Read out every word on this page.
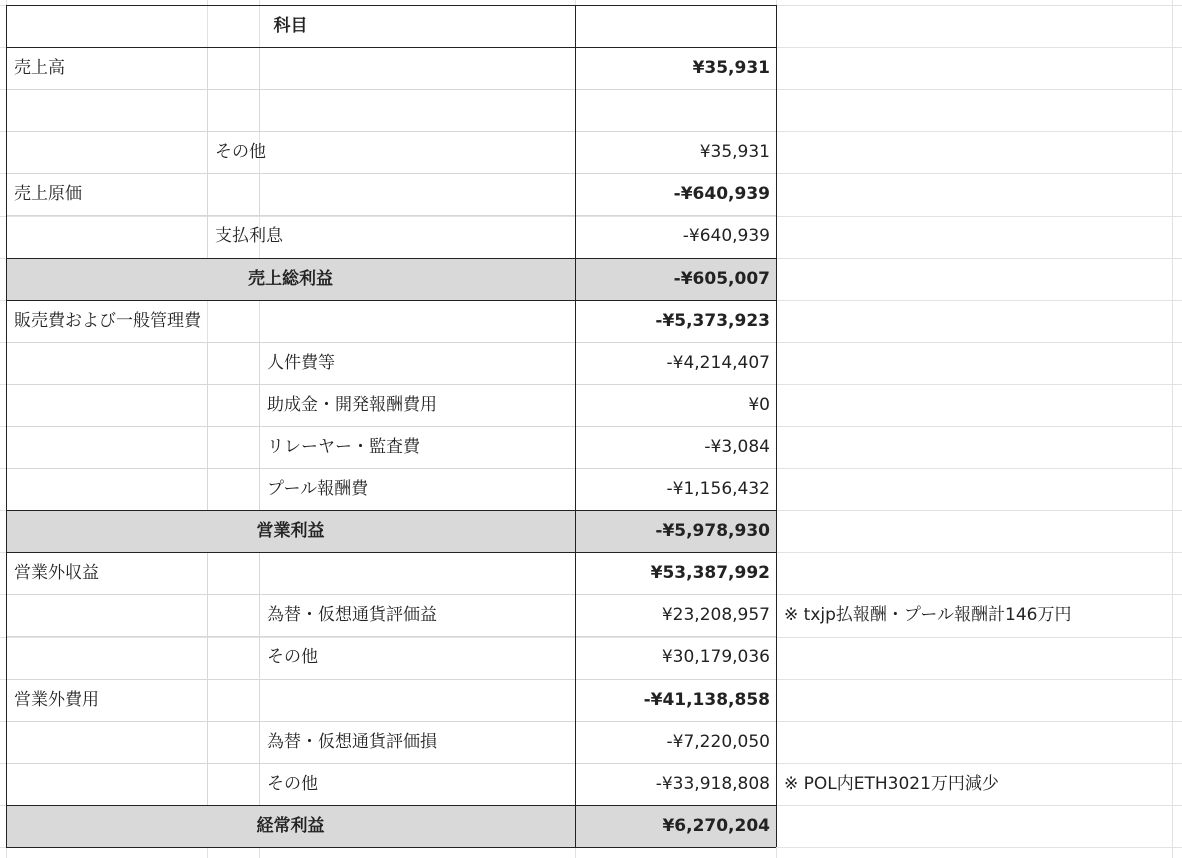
科目
売上高	¥35,931
その他	¥35,931
売上原価	-¥640,939
支払利息	-¥640,939
売上総利益	-¥605,007
販売費および一般管理費	-¥5,373,923
人件費等	-¥4,214,407
助成金・開発報酬費用	¥0
リレーヤー・監査費	-¥3,084
プール報酬費	-¥1,156,432
営業利益	-¥5,978,930
営業外収益	¥53,387,992
為替・仮想通貨評価益	¥23,208,957 ※ txjp払報酬・プール報酬計146万円
その他	¥30,179,036
営業外費用	-¥41,138,858
為替・仮想通貨評価損	-¥7,220,050
その他	-¥33,918,808 ※ POL内ETH3021万円減少
経常利益	¥6,270,204
